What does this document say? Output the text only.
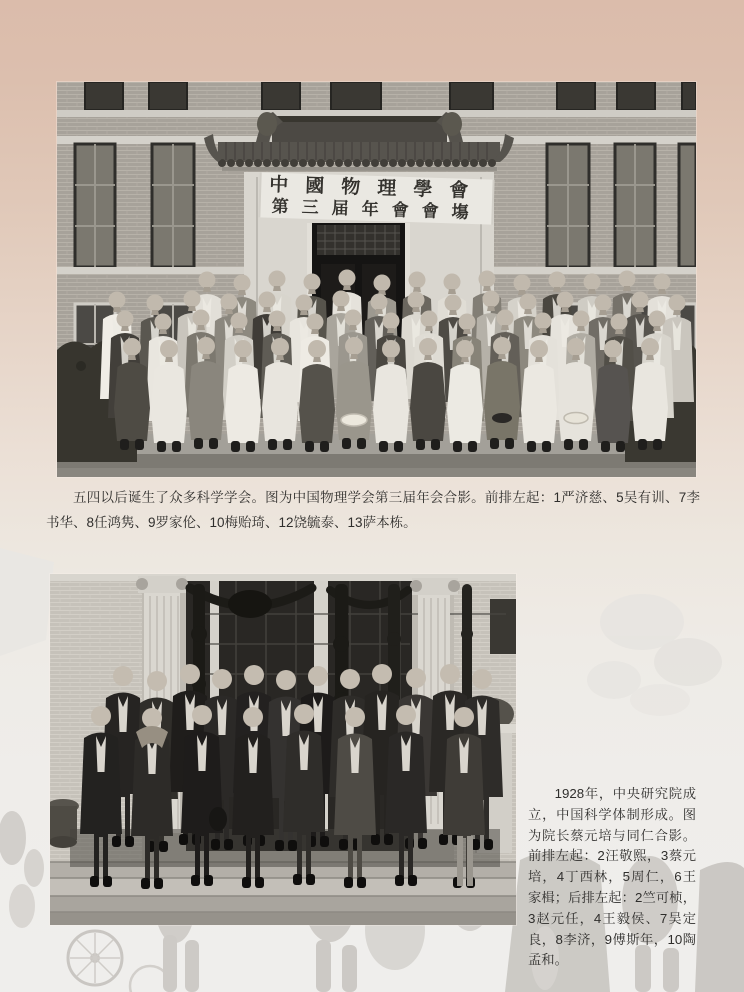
中國物理學會
第三届年會會塲

五四以后诞生了众多科学学会。图为中国物理学会第三届年会合影。前排左起：1严济慈、5吴有训、7李书华、8任鸿隽、9罗家伦、10梅贻琦、12饶毓泰、13萨本栋。

1928年，中央研究院成立，中国科学体制形成。图为院长蔡元培与同仁合影。前排左起：2汪敬熙，3蔡元培，4丁西林，5周仁，6王家楫；后排左起：2竺可桢，3赵元任，4王毅侯、7吴定良，8李济，9傅斯年，10陶孟和。
